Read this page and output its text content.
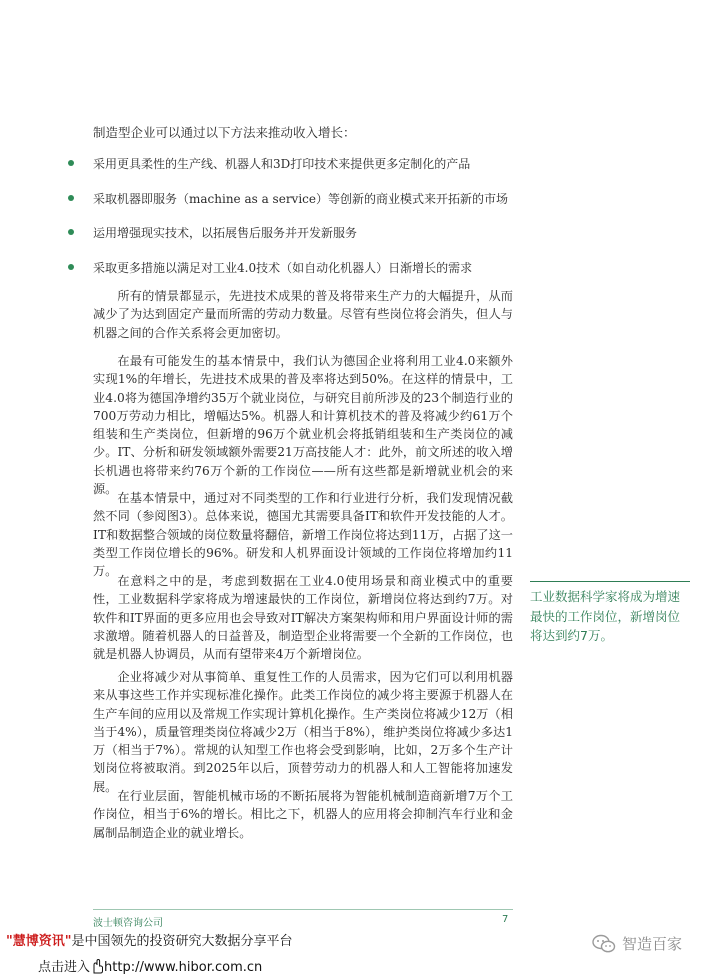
制造型企业可以通过以下方法来推动收入增长：

采用更具柔性的生产线、机器人和3D打印技术来提供更多定制化的产品
采取机器即服务（machine as a service）等创新的商业模式来开拓新的市场
运用增强现实技术，以拓展售后服务并开发新服务
采取更多措施以满足对工业4.0技术（如自动化机器人）日渐增长的需求

所有的情景都显示，先进技术成果的普及将带来生产力的大幅提升，从而减少了为达到固定产量而所需的劳动力数量。尽管有些岗位将会消失，但人与机器之间的合作关系将会更加密切。

在最有可能发生的基本情景中，我们认为德国企业将利用工业4.0来额外实现1%的年增长，先进技术成果的普及率将达到50%。在这样的情景中，工业4.0将为德国净增约35万个就业岗位，与研究目前所涉及的23个制造行业的700万劳动力相比，增幅达5%。机器人和计算机技术的普及将减少约61万个组装和生产类岗位，但新增的96万个就业机会将抵销组装和生产类岗位的减少。IT、分析和研发领域额外需要21万高技能人才：此外，前文所述的收入增长机遇也将带来约76万个新的工作岗位——所有这些都是新增就业机会的来源。

在基本情景中，通过对不同类型的工作和行业进行分析，我们发现情况截然不同（参阅图3）。总体来说，德国尤其需要具备IT和软件开发技能的人才。IT和数据整合领域的岗位数量将翻倍，新增工作岗位将达到11万，占据了这一类型工作岗位增长的96%。研发和人机界面设计领域的工作岗位将增加约11万。

在意料之中的是，考虑到数据在工业4.0使用场景和商业模式中的重要性，工业数据科学家将成为增速最快的工作岗位，新增岗位将达到约7万。对软件和IT界面的更多应用也会导致对IT解决方案架构师和用户界面设计师的需求激增。随着机器人的日益普及，制造型企业将需要一个全新的工作岗位，也就是机器人协调员，从而有望带来4万个新增岗位。

企业将减少对从事简单、重复性工作的人员需求，因为它们可以利用机器来从事这些工作并实现标准化操作。此类工作岗位的减少将主要源于机器人在生产车间的应用以及常规工作实现计算机化操作。生产类岗位将减少12万（相当于4%），质量管理类岗位将减少2万（相当于8%），维护类岗位将减少多达1万（相当于7%）。常规的认知型工作也将会受到影响，比如，2万多个生产计划岗位将被取消。到2025年以后，顶替劳动力的机器人和人工智能将加速发展。

在行业层面，智能机械市场的不断拓展将为智能机械制造商新增7万个工作岗位，相当于6%的增长。相比之下，机器人的应用将会抑制汽车行业和金属制品制造企业的就业增长。

工业数据科学家将成为增速最快的工作岗位，新增岗位将达到约7万。
波士顿咨询公司	7
"慧博资讯"是中国领先的投资研究大数据分享平台
点击进入 http://www.hibor.com.cn
智造百家
